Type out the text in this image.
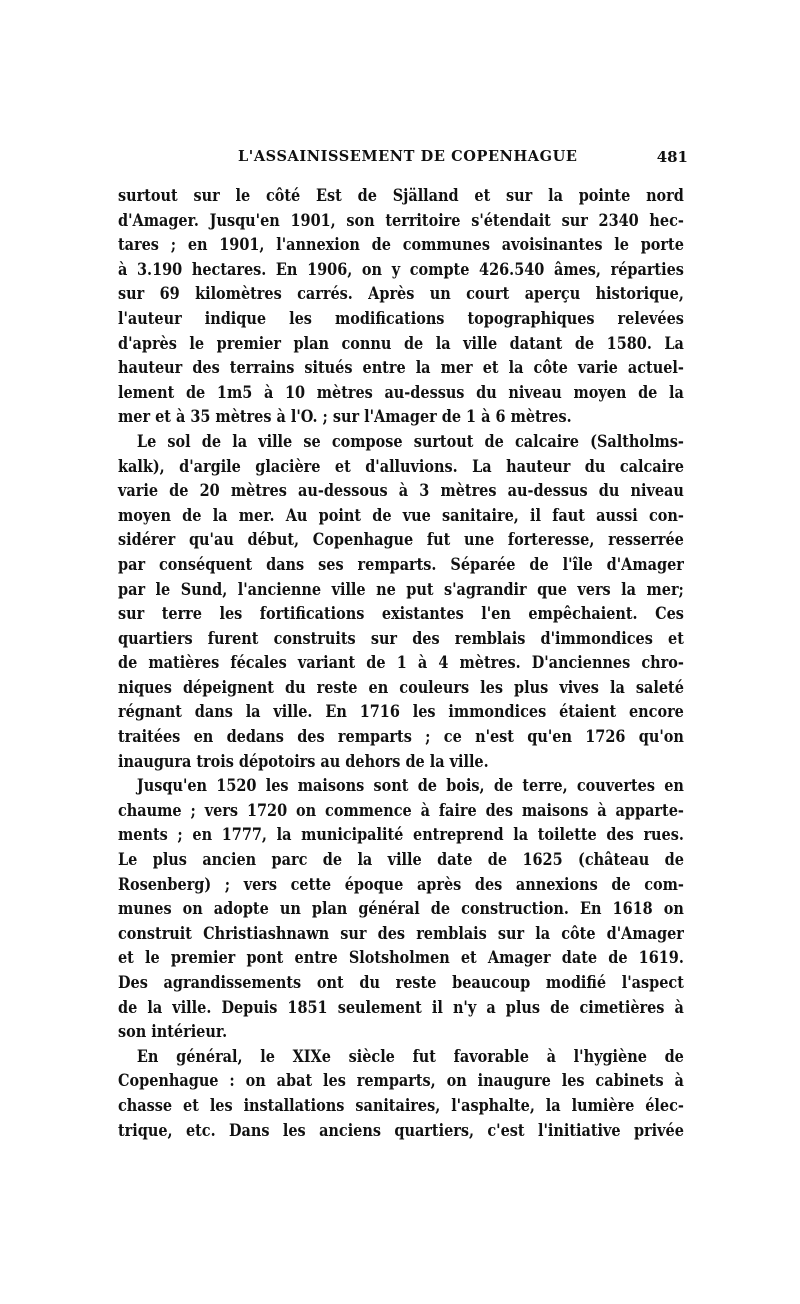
L'ASSAINISSEMENT DE COPENHAGUE	481
surtout sur le côté Est de Själland et sur la pointe nord
d'Amager. Jusqu'en 1901, son territoire s'étendait sur 2340 hec-
tares ; en 1901, l'annexion de communes avoisinantes le porte
à 3.190 hectares. En 1906, on y compte 426.540 âmes, réparties
sur 69 kilomètres carrés. Après un court aperçu historique,
l'auteur indique les modifications topographiques relevées
d'après le premier plan connu de la ville datant de 1580. La
hauteur des terrains situés entre la mer et la côte varie actuel-
lement de 1m5 à 10 mètres au-dessus du niveau moyen de la
mer et à 35 mètres à l'O. ; sur l'Amager de 1 à 6 mètres.
Le sol de la ville se compose surtout de calcaire (Saltholms-
kalk), d'argile glacière et d'alluvions. La hauteur du calcaire
varie de 20 mètres au-dessous à 3 mètres au-dessus du niveau
moyen de la mer. Au point de vue sanitaire, il faut aussi con-
sidérer qu'au début, Copenhague fut une forteresse, resserrée
par conséquent dans ses remparts. Séparée de l'île d'Amager
par le Sund, l'ancienne ville ne put s'agrandir que vers la mer;
sur terre les fortifications existantes l'en empêchaient. Ces
quartiers furent construits sur des remblais d'immondices et
de matières fécales variant de 1 à 4 mètres. D'anciennes chro-
niques dépeignent du reste en couleurs les plus vives la saleté
régnant dans la ville. En 1716 les immondices étaient encore
traitées en dedans des remparts ; ce n'est qu'en 1726 qu'on
inaugura trois dépotoirs au dehors de la ville.
Jusqu'en 1520 les maisons sont de bois, de terre, couvertes en
chaume ; vers 1720 on commence à faire des maisons à apparte-
ments ; en 1777, la municipalité entreprend la toilette des rues.
Le plus ancien parc de la ville date de 1625 (château de
Rosenberg) ; vers cette époque après des annexions de com-
munes on adopte un plan général de construction. En 1618 on
construit Christiashnawn sur des remblais sur la côte d'Amager
et le premier pont entre Slotsholmen et Amager date de 1619.
Des agrandissements ont du reste beaucoup modifié l'aspect
de la ville. Depuis 1851 seulement il n'y a plus de cimetières à
son intérieur.
En général, le XIXe siècle fut favorable à l'hygiène de
Copenhague : on abat les remparts, on inaugure les cabinets à
chasse et les installations sanitaires, l'asphalte, la lumière élec-
trique, etc. Dans les anciens quartiers, c'est l'initiative privée
